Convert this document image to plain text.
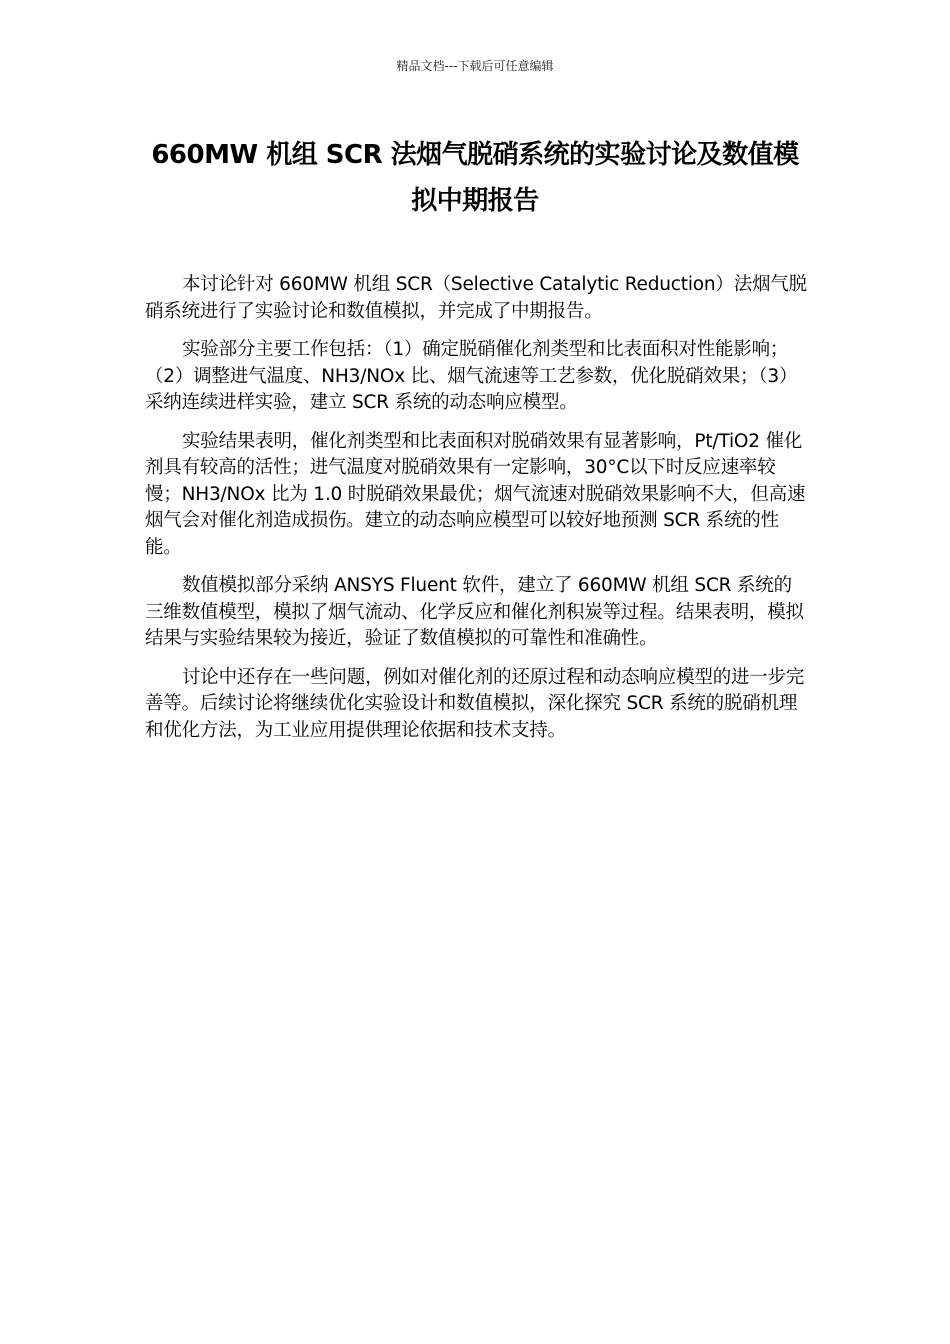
精品文档---下载后可任意编辑
660MW 机组 SCR 法烟气脱硝系统的实验讨论及数值模拟中期报告

本讨论针对 660MW 机组 SCR（Selective Catalytic Reduction）法烟气脱硝系统进行了实验讨论和数值模拟，并完成了中期报告。

实验部分主要工作包括：（1）确定脱硝催化剂类型和比表面积对性能影响；（2）调整进气温度、NH3/NOx 比、烟气流速等工艺参数，优化脱硝效果；（3）采纳连续进样实验，建立 SCR 系统的动态响应模型。

实验结果表明，催化剂类型和比表面积对脱硝效果有显著影响，Pt/TiO2 催化剂具有较高的活性；进气温度对脱硝效果有一定影响，30°C以下时反应速率较慢；NH3/NOx 比为 1.0 时脱硝效果最优；烟气流速对脱硝效果影响不大，但高速烟气会对催化剂造成损伤。建立的动态响应模型可以较好地预测 SCR 系统的性能。

数值模拟部分采纳 ANSYS Fluent 软件，建立了 660MW 机组 SCR 系统的三维数值模型，模拟了烟气流动、化学反应和催化剂积炭等过程。结果表明，模拟结果与实验结果较为接近，验证了数值模拟的可靠性和准确性。

讨论中还存在一些问题，例如对催化剂的还原过程和动态响应模型的进一步完善等。后续讨论将继续优化实验设计和数值模拟，深化探究 SCR 系统的脱硝机理和优化方法，为工业应用提供理论依据和技术支持。
